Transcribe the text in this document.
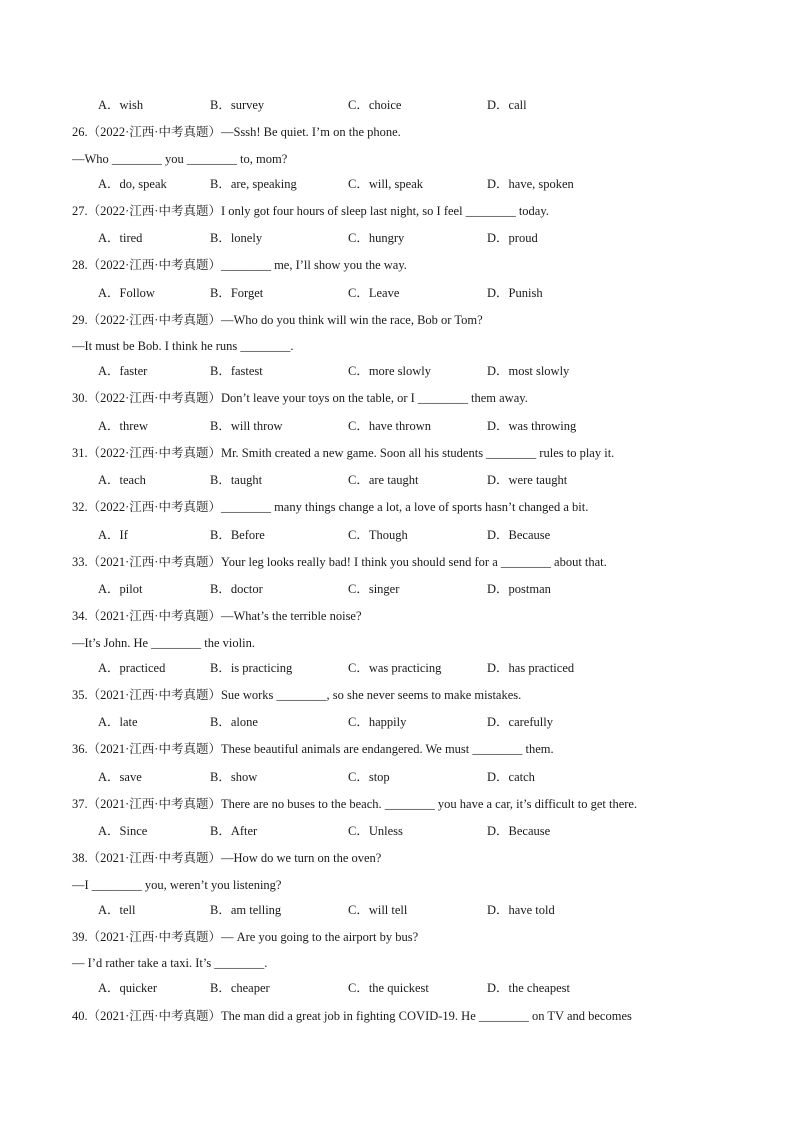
A．wish	B．survey	C．choice	D．call
26.（2022·江西·中考真题）—Sssh! Be quiet. I’m on the phone.
—Who ________ you ________ to, mom?
A．do, speak	B．are, speaking	C．will, speak	D．have, spoken
27.（2022·江西·中考真题）I only got four hours of sleep last night, so I feel ________ today.
A．tired	B．lonely	C．hungry	D．proud
28.（2022·江西·中考真题）________ me, I’ll show you the way.
A．Follow	B．Forget	C．Leave	D．Punish
29.（2022·江西·中考真题）—Who do you think will win the race, Bob or Tom?
—It must be Bob. I think he runs ________.
A．faster	B．fastest	C．more slowly	D．most slowly
30.（2022·江西·中考真题）Don’t leave your toys on the table, or I ________ them away.
A．threw	B．will throw	C．have thrown	D．was throwing
31.（2022·江西·中考真题）Mr. Smith created a new game. Soon all his students ________ rules to play it.
A．teach	B．taught	C．are taught	D．were taught
32.（2022·江西·中考真题）________ many things change a lot, a love of sports hasn’t changed a bit.
A．If	B．Before	C．Though	D．Because
33.（2021·江西·中考真题）Your leg looks really bad! I think you should send for a ________ about that.
A．pilot	B．doctor	C．singer	D．postman
34.（2021·江西·中考真题）—What’s the terrible noise?
—It’s John. He ________ the violin.
A．practiced	B．is practicing	C．was practicing	D．has practiced
35.（2021·江西·中考真题）Sue works ________, so she never seems to make mistakes.
A．late	B．alone	C．happily	D．carefully
36.（2021·江西·中考真题）These beautiful animals are endangered. We must ________ them.
A．save	B．show	C．stop	D．catch
37.（2021·江西·中考真题）There are no buses to the beach. ________ you have a car, it’s difficult to get there.
A．Since	B．After	C．Unless	D．Because
38.（2021·江西·中考真题）—How do we turn on the oven?
—I ________ you, weren’t you listening?
A．tell	B．am telling	C．will tell	D．have told
39.（2021·江西·中考真题）— Are you going to the airport by bus?
— I’d rather take a taxi. It’s ________.
A．quicker	B．cheaper	C．the quickest	D．the cheapest
40.（2021·江西·中考真题）The man did a great job in fighting COVID-19. He ________ on TV and becomes
